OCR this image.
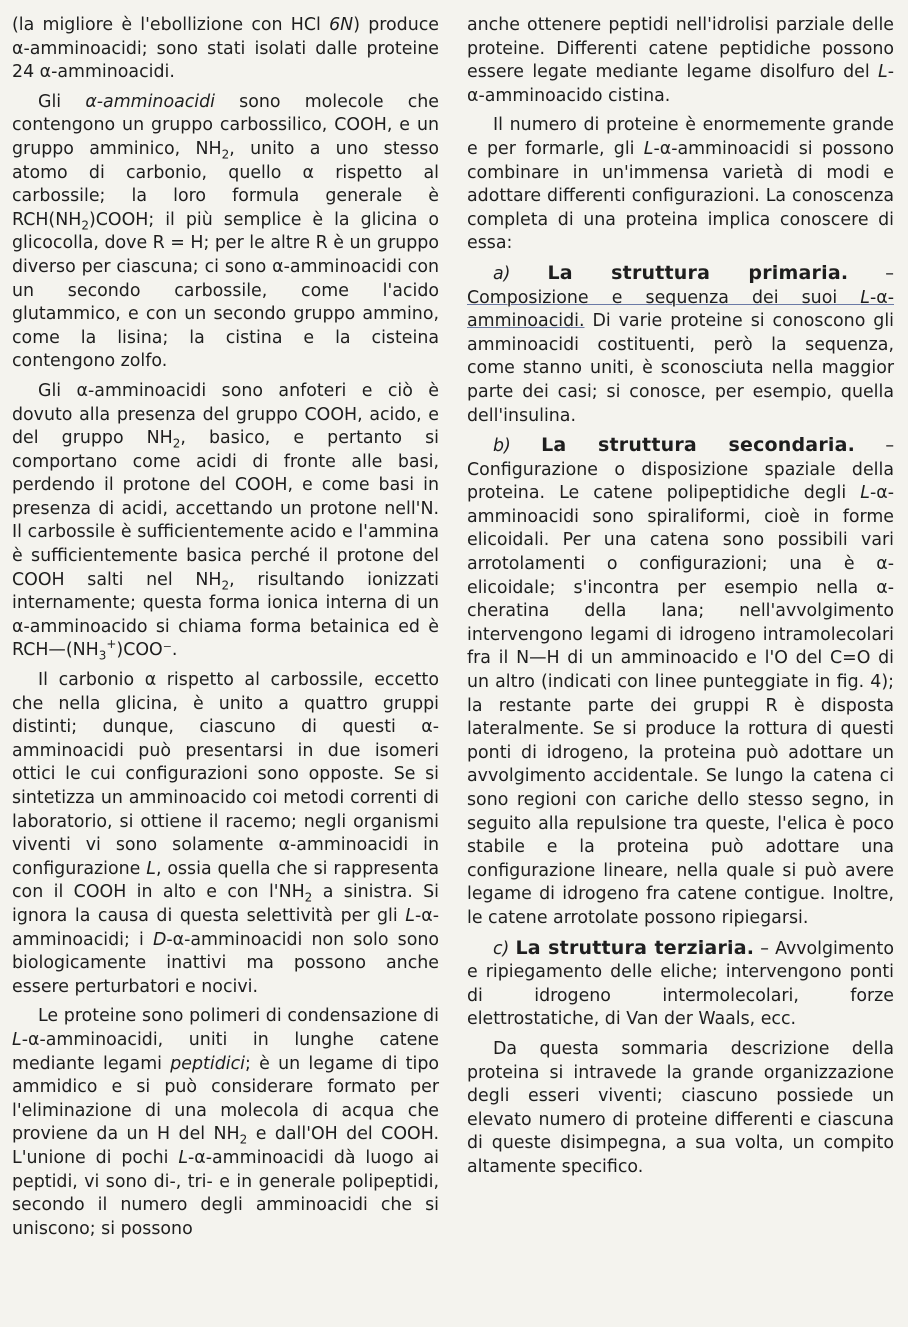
(la migliore è l'ebollizione con HCl 6N) produce α-amminoacidi; sono stati isolati dalle proteine 24 α-amminoacidi.

Gli α-amminoacidi sono molecole che contengono un gruppo carbossilico, COOH, e un gruppo amminico, $NH_2$, unito a uno stesso atomo di carbonio, quello α rispetto al carbossile; la loro formula generale è $RCH(NH_2)COOH$; il più semplice è la glicina o glicocolla, dove R = H; per le altre R è un gruppo diverso per ciascuna; ci sono α-amminoacidi con un secondo carbossile, come l'acido glutammico, e con un secondo gruppo ammino, come la lisina; la cistina e la cisteina contengono zolfo.

Gli α-amminoacidi sono anfoteri e ciò è dovuto alla presenza del gruppo COOH, acido, e del gruppo $NH_2$, basico, e pertanto si comportano come acidi di fronte alle basi, perdendo il protone del COOH, e come basi in presenza di acidi, accettando un protone nell'N. Il carbossile è sufficientemente acido e l'ammina è sufficientemente basica perché il protone del COOH salti nel $NH_2$, risultando ionizzati internamente; questa forma ionica interna di un α-amminoacido si chiama forma betainica ed è $RCH—(NH_3^+)COO^-$.

Il carbonio α rispetto al carbossile, eccetto che nella glicina, è unito a quattro gruppi distinti; dunque, ciascuno di questi α-amminoacidi può presentarsi in due isomeri ottici le cui configurazioni sono opposte. Se si sintetizza un amminoacido coi metodi correnti di laboratorio, si ottiene il racemo; negli organismi viventi vi sono solamente α-amminoacidi in configurazione L, ossia quella che si rappresenta con il COOH in alto e con $l'NH_2$ a sinistra. Si ignora la causa di questa selettività per gli L-α-amminoacidi; i D-α-amminoacidi non solo sono biologicamente inattivi ma possono anche essere perturbatori e nocivi.

Le proteine sono polimeri di condensazione di L-α-amminoacidi, uniti in lunghe catene mediante legami peptidici; è un legame di tipo ammidico e si può considerare formato per l'eliminazione di una molecola di acqua che proviene da un H del $NH_2$ e dall'OH del COOH. L'unione di pochi L-α-amminoacidi dà luogo ai peptidi, vi sono di-, tri- e in generale polipeptidi, secondo il numero degli amminoacidi che si uniscono; si possono

anche ottenere peptidi nell'idrolisi parziale delle proteine. Differenti catene peptidiche possono essere legate mediante legame disolfuro del L-α-amminoacido cistina.

Il numero di proteine è enormemente grande e per formarle, gli L-α-amminoacidi si possono combinare in un'immensa varietà di modi e adottare differenti configurazioni. La conoscenza completa di una proteina implica conoscere di essa:

a) La struttura primaria. – Composizione e sequenza dei suoi L-α-amminoacidi. Di varie proteine si conoscono gli amminoacidi costituenti, però la sequenza, come stanno uniti, è sconosciuta nella maggior parte dei casi; si conosce, per esempio, quella dell'insulina.

b) La struttura secondaria. – Configurazione o disposizione spaziale della proteina. Le catene polipeptidiche degli L-α-amminoacidi sono spiraliformi, cioè in forme elicoidali. Per una catena sono possibili vari arrotolamenti o configurazioni; una è α-elicoidale; s'incontra per esempio nella α-cheratina della lana; nell'avvolgimento intervengono legami di idrogeno intramolecolari fra il N—H di un amminoacido e l'O del C=O di un altro (indicati con linee punteggiate in fig. 4); la restante parte dei gruppi R è disposta lateralmente. Se si produce la rottura di questi ponti di idrogeno, la proteina può adottare un avvolgimento accidentale. Se lungo la catena ci sono regioni con cariche dello stesso segno, in seguito alla repulsione tra queste, l'elica è poco stabile e la proteina può adottare una configurazione lineare, nella quale si può avere legame di idrogeno fra catene contigue. Inoltre, le catene arrotolate possono ripiegarsi.

c) La struttura terziaria. – Avvolgimento e ripiegamento delle eliche; intervengono ponti di idrogeno intermolecolari, forze elettrostatiche, di Van der Waals, ecc.

Da questa sommaria descrizione della proteina si intravede la grande organizzazione degli esseri viventi; ciascuno possiede un elevato numero di proteine differenti e ciascuna di queste disimpegna, a sua volta, un compito altamente specifico.
